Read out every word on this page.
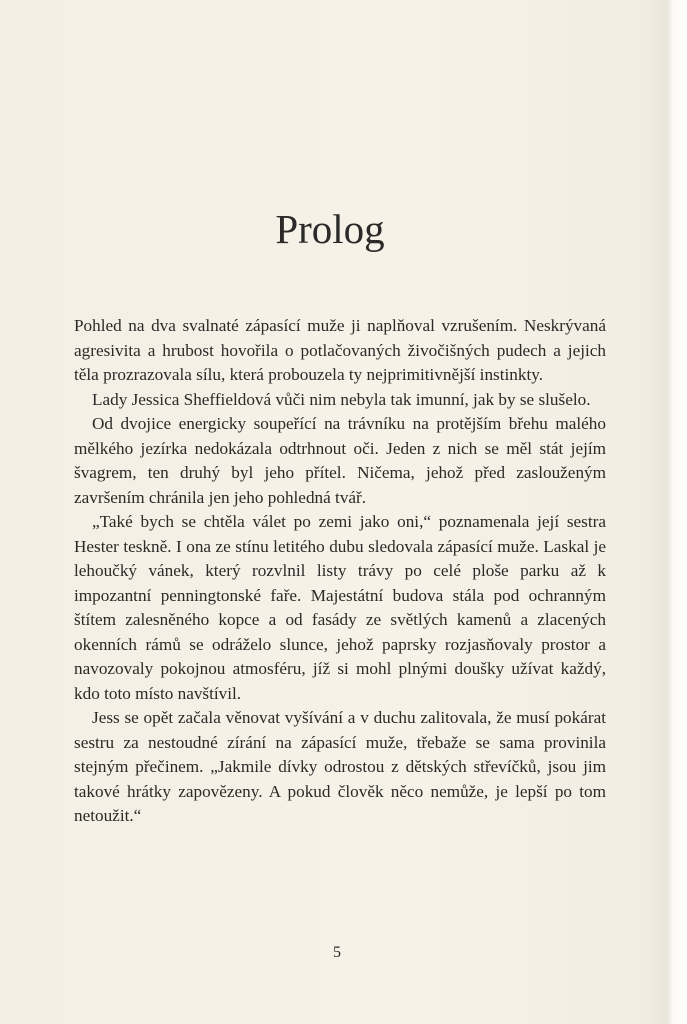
Prolog

Pohled na dva svalnaté zápasící muže ji naplňoval vzrušením. Neskrývaná agresivita a hrubost hovořila o potlačovaných živočišných pudech a jejich těla prozrazovala sílu, která probouzela ty nejprimitivnější instinkty.

Lady Jessica Sheffieldová vůči nim nebyla tak imunní, jak by se slušelo.

Od dvojice energicky soupeřící na trávníku na protějším břehu malého mělkého jezírka nedokázala odtrhnout oči. Jeden z nich se měl stát jejím švagrem, ten druhý byl jeho přítel. Ničema, jehož před zaslouženým završením chránila jen jeho pohledná tvář.

„Také bych se chtěla válet po zemi jako oni,“ poznamenala její sestra Hester teskně. I ona ze stínu letitého dubu sledovala zápasící muže. Laskal je lehoučký vánek, který rozvlnil listy trávy po celé ploše parku až k impozantní penningtonské faře. Majestátní budova stála pod ochranným štítem zalesněného kopce a od fasády ze světlých kamenů a zlacených okenních rámů se odráželo slunce, jehož paprsky rozjasňovaly prostor a navozovaly pokojnou atmosféru, jíž si mohl plnými doušky užívat každý, kdo toto místo navštívil.

Jess se opět začala věnovat vyšívání a v duchu zalitovala, že musí pokárat sestru za nestoudné zírání na zápasící muže, třebaže se sama provinila stejným přečinem. „Jakmile dívky odrostou z dětských střevíčků, jsou jim takové hrátky zapovězeny. A pokud člověk něco nemůže, je lepší po tom netoužit.“

5
